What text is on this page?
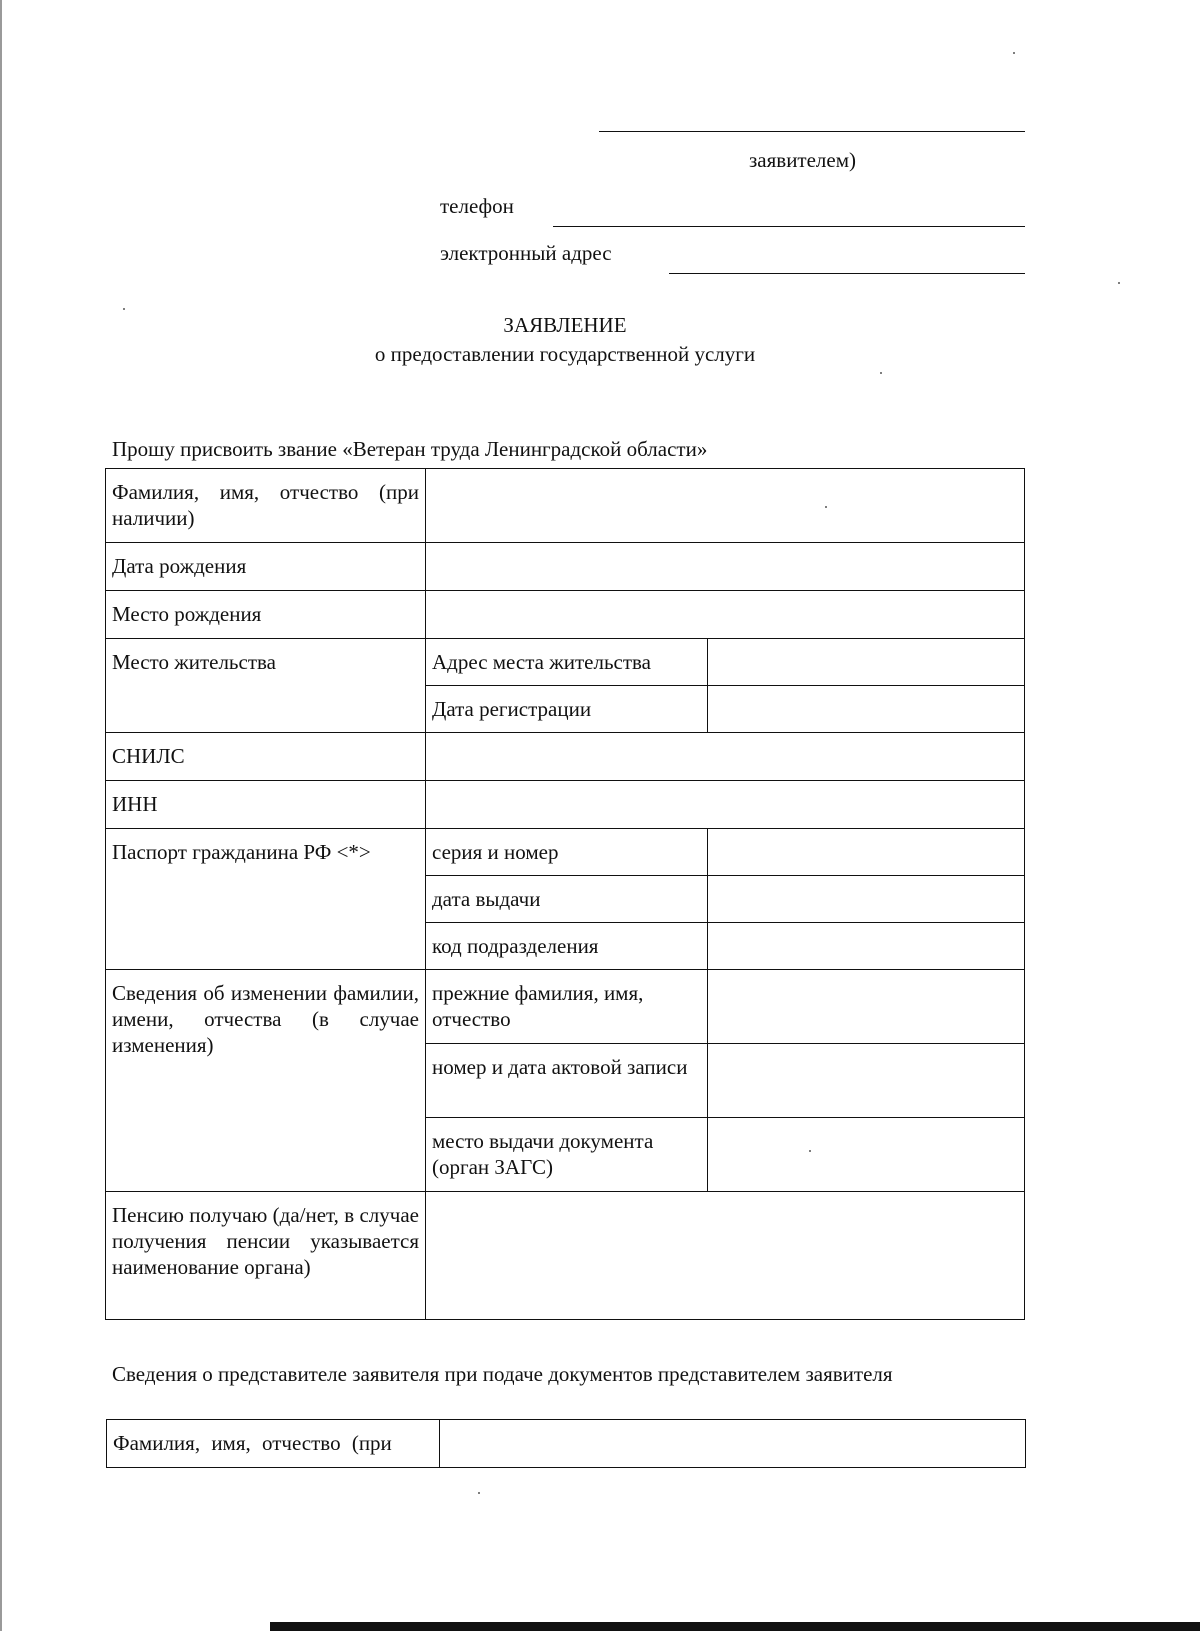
заявителем)
телефон
электронный адрес
ЗАЯВЛЕНИЕ
о предоставлении государственной услуги
Прошу присвоить звание «Ветеран труда Ленинградской области»
Фамилия, имя, отчество (при наличии)		
Дата рождения		
Место рождения		
Место жительства	Адрес места жительства	
	Дата регистрации	
СНИЛС		
ИНН		
Паспорт гражданина РФ <*>	серия и номер	
	дата выдачи	
	код подразделения	
Сведения об изменении фамилии, имени, отчества (в случае изменения)	прежние фамилия, имя, отчество	
	номер и дата актовой записи	
	место выдачи документа (орган ЗАГС)	
Пенсию получаю (да/нет, в случае получения пенсии указывается наименование органа)		
Сведения о представителе заявителя при подаче документов представителем заявителя
Фамилия, имя, отчество (при	
